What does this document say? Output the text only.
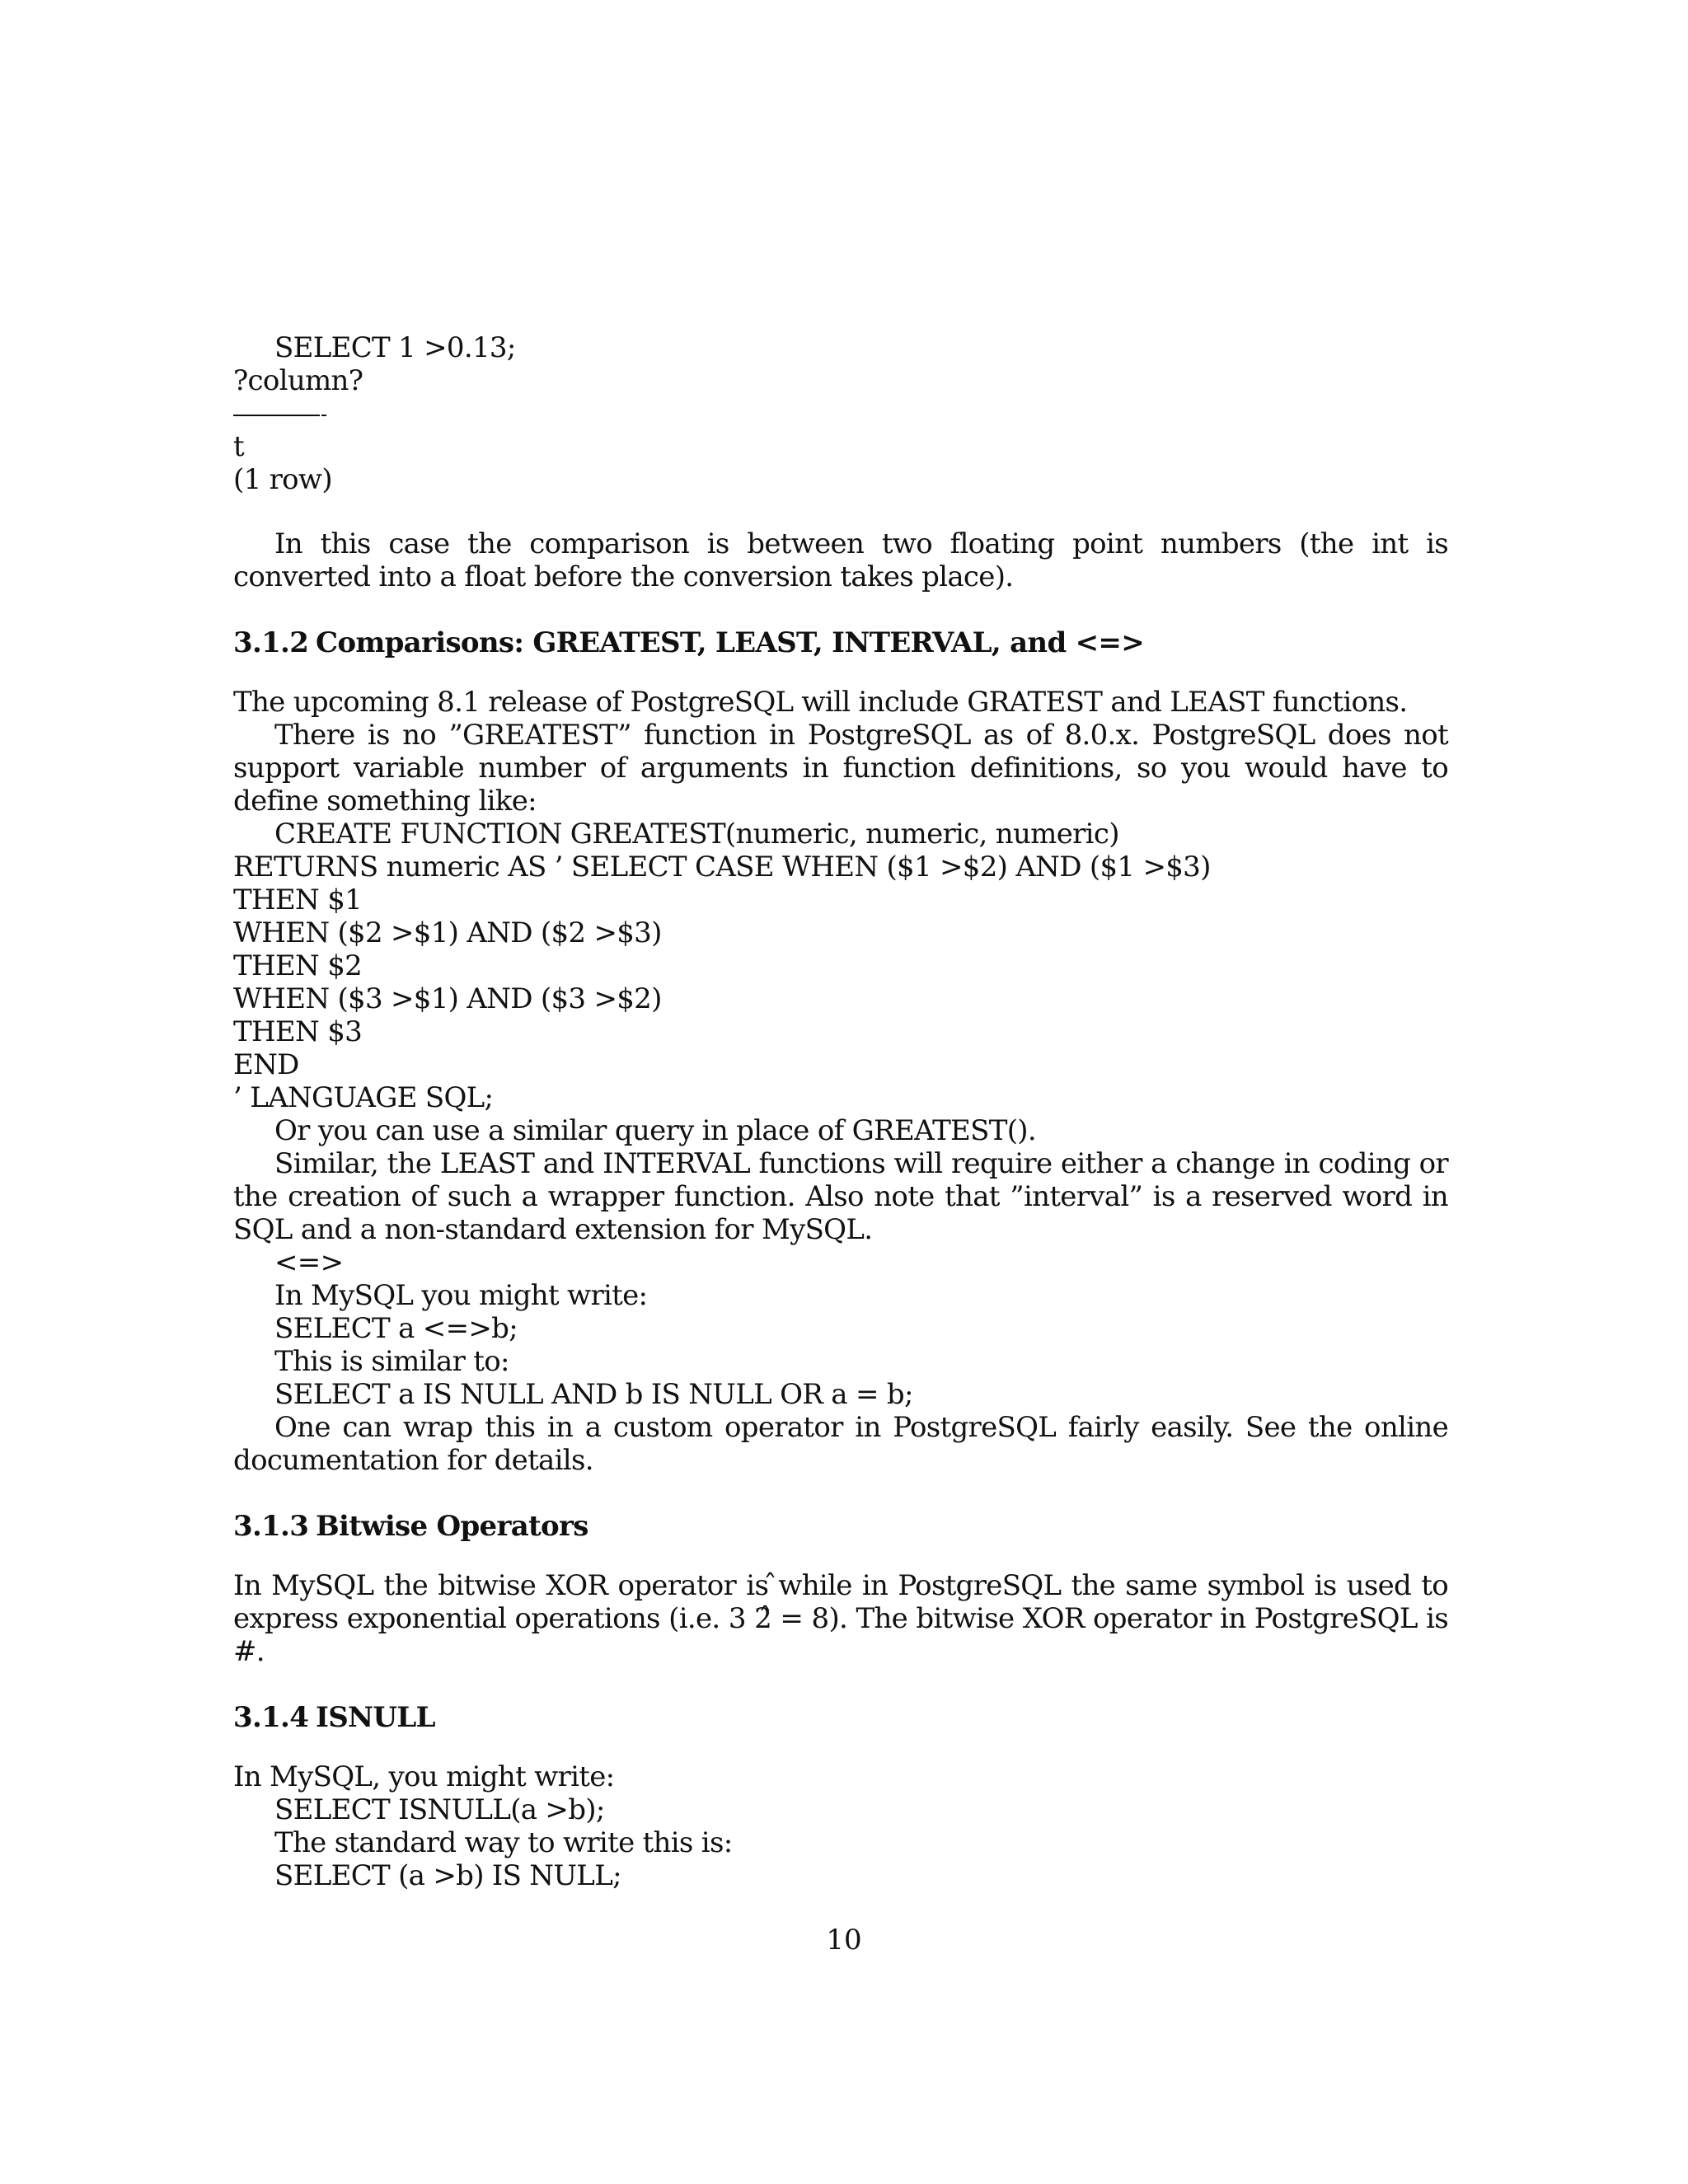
SELECT 1 >0.13;
?column?
t
(1 row)
In this case the comparison is between two floating point numbers (the int is converted into a float before the conversion takes place).
3.1.2 Comparisons: GREATEST, LEAST, INTERVAL, and <=>
The upcoming 8.1 release of PostgreSQL will include GRATEST and LEAST functions.
There is no ”GREATEST” function in PostgreSQL as of 8.0.x. PostgreSQL does not support variable number of arguments in function definitions, so you would have to define something like:
CREATE FUNCTION GREATEST(numeric, numeric, numeric)
RETURNS numeric AS ’ SELECT CASE WHEN ($1 >$2) AND ($1 >$3)
THEN $1
WHEN ($2 >$1) AND ($2 >$3)
THEN $2
WHEN ($3 >$1) AND ($3 >$2)
THEN $3
END
’ LANGUAGE SQL;
Or you can use a similar query in place of GREATEST().
Similar, the LEAST and INTERVAL functions will require either a change in coding or the creation of such a wrapper function. Also note that ”interval” is a reserved word in SQL and a non-standard extension for MySQL.
<=>
In MySQL you might write:
SELECT a <=>b;
This is similar to:
SELECT a IS NULL AND b IS NULL OR a = b;
One can wrap this in a custom operator in PostgreSQL fairly easily. See the online documentation for details.
3.1.3 Bitwise Operators
In MySQL the bitwise XOR operator is ̂while in PostgreSQL the same symbol is used to express exponential operations (i.e. 3 2̂ = 8). The bitwise XOR operator in PostgreSQL is #.
3.1.4 ISNULL
In MySQL, you might write:
SELECT ISNULL(a >b);
The standard way to write this is:
SELECT (a >b) IS NULL;
10
